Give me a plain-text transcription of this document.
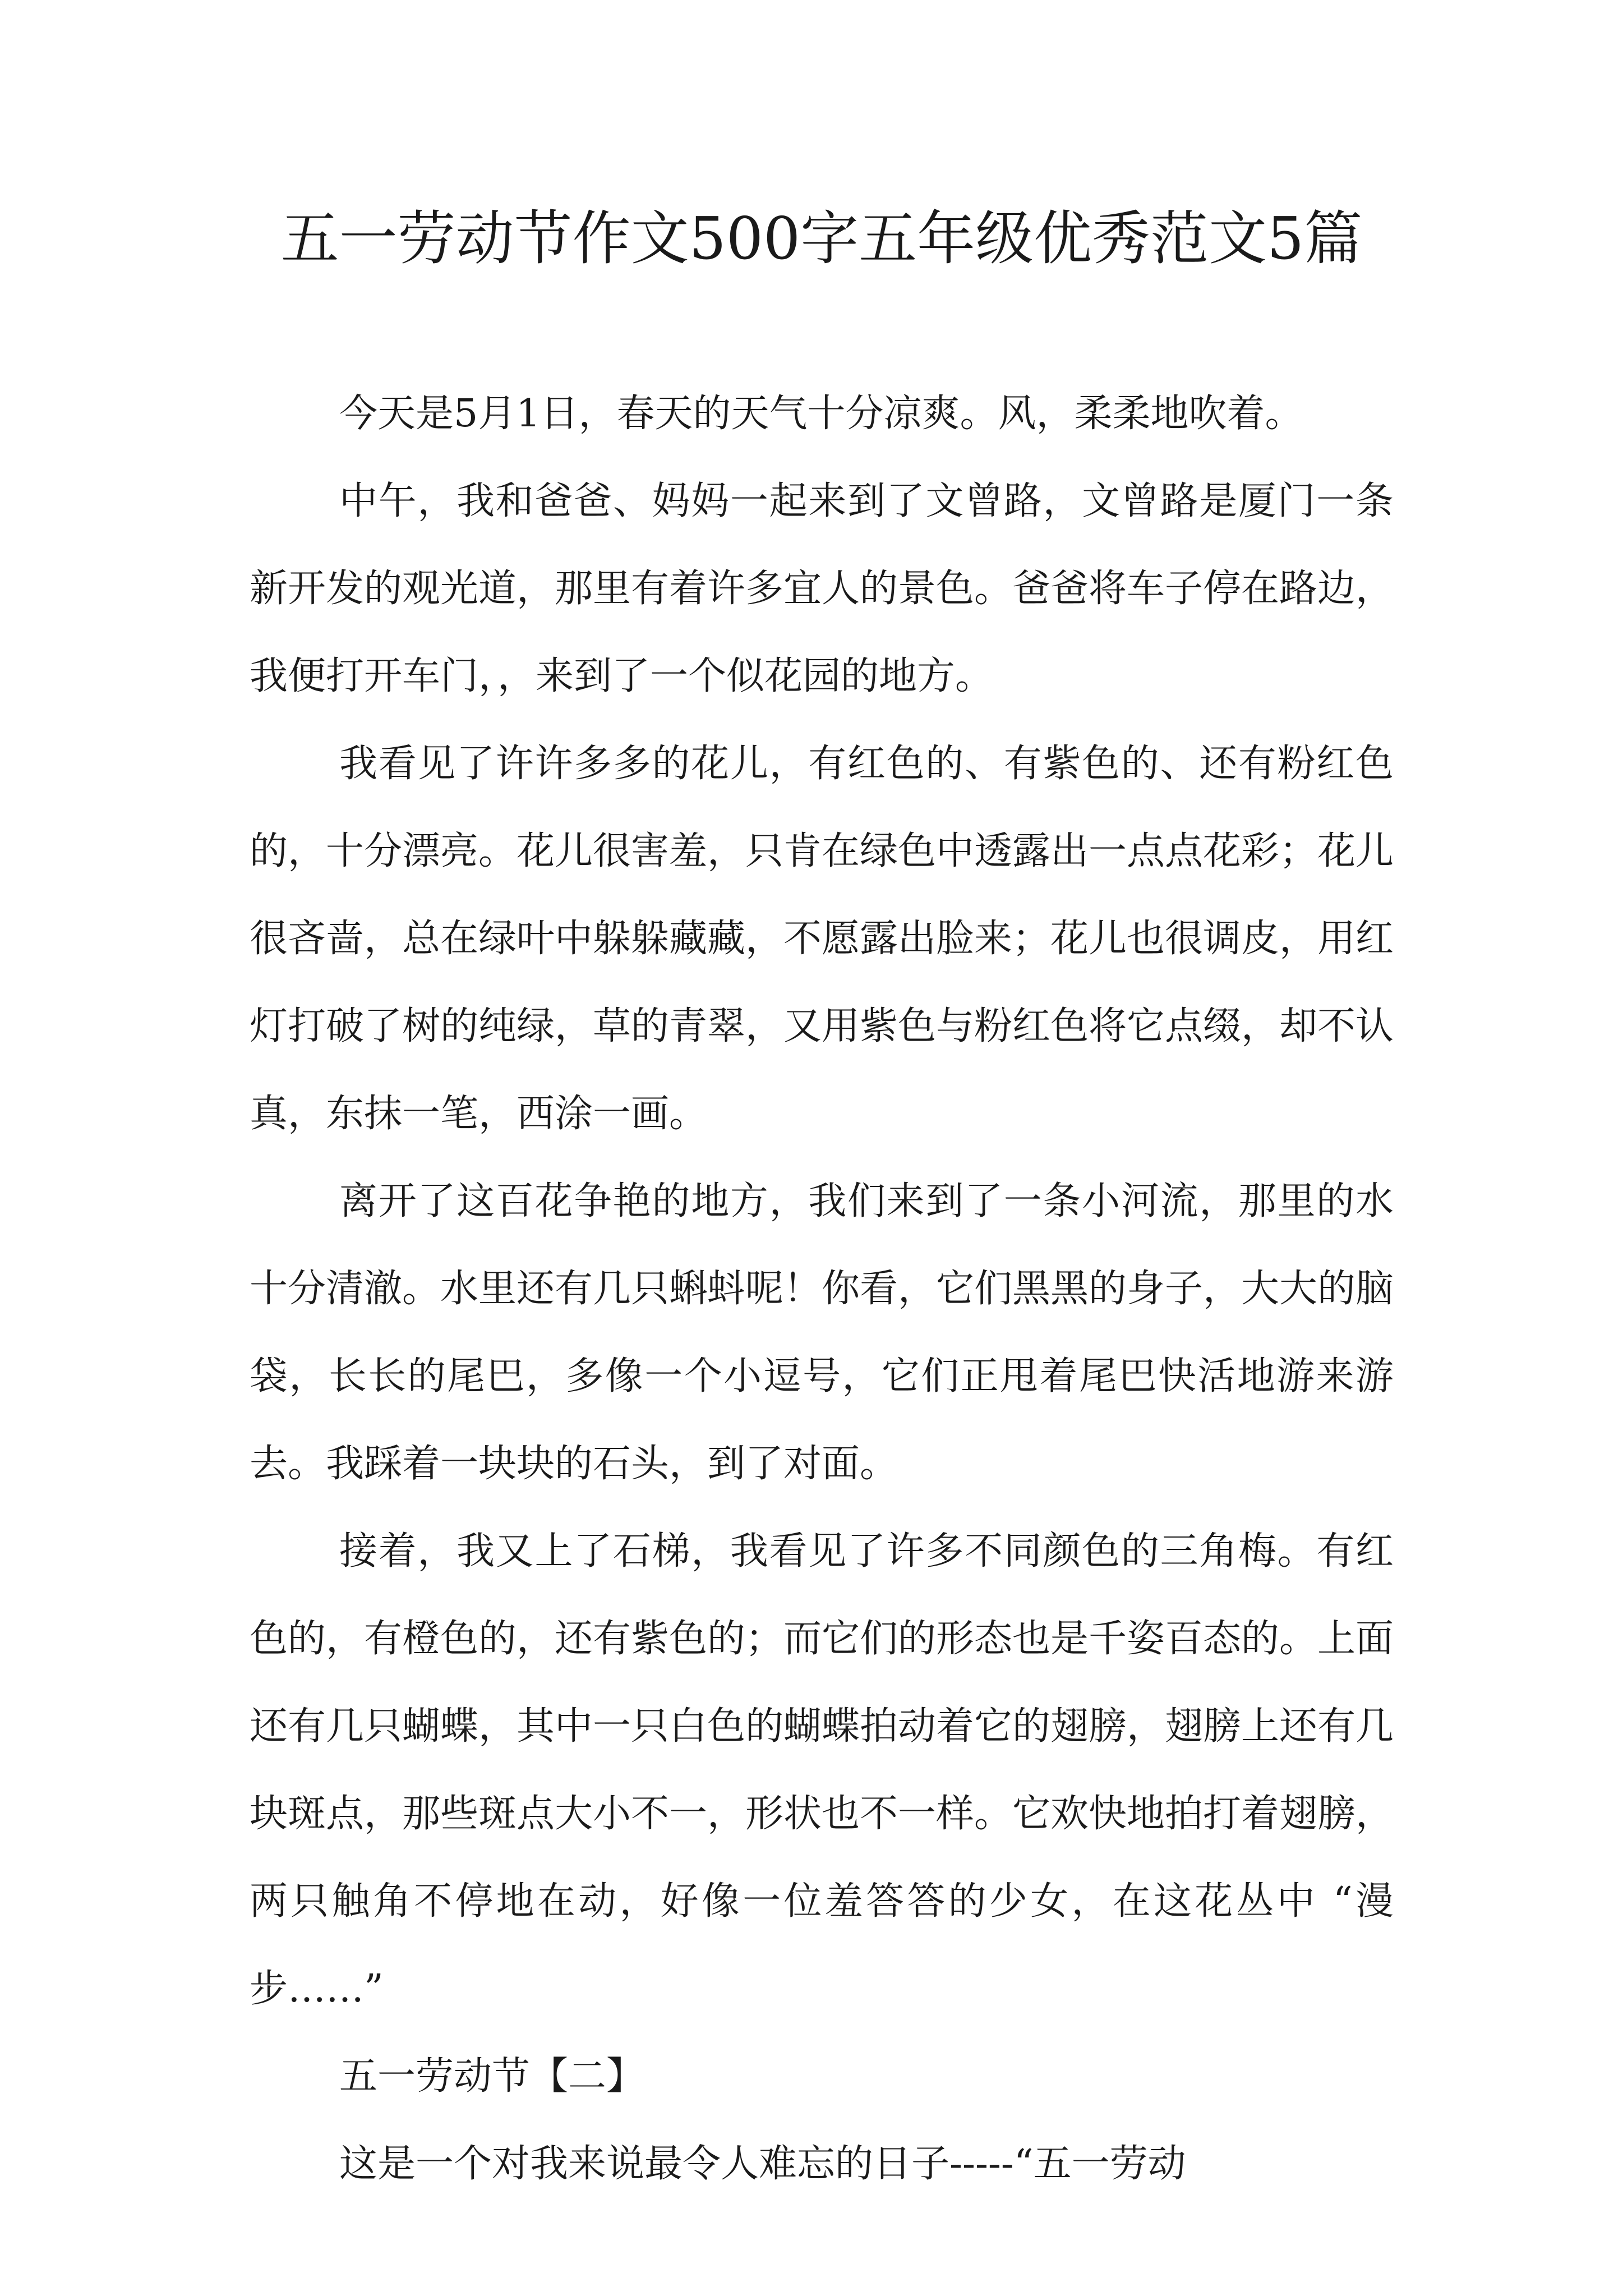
五一劳动节作文500字五年级优秀范文5篇

今天是5月1日，春天的天气十分凉爽。风，柔柔地吹着。

中午，我和爸爸、妈妈一起来到了文曾路，文曾路是厦门一条新开发的观光道，那里有着许多宜人的景色。爸爸将车子停在路边，我便打开车门，，来到了一个似花园的地方。

我看见了许许多多的花儿，有红色的、有紫色的、还有粉红色的，十分漂亮。花儿很害羞，只肯在绿色中透露出一点点花彩；花儿很吝啬，总在绿叶中躲躲藏藏，不愿露出脸来；花儿也很调皮，用红灯打破了树的纯绿，草的青翠，又用紫色与粉红色将它点缀，却不认真，东抹一笔，西涂一画。

离开了这百花争艳的地方，我们来到了一条小河流，那里的水十分清澈。水里还有几只蝌蚪呢！你看，它们黑黑的身子，大大的脑袋，长长的尾巴，多像一个小逗号，它们正甩着尾巴快活地游来游去。我踩着一块块的石头，到了对面。

接着，我又上了石梯，我看见了许多不同颜色的三角梅。有红色的，有橙色的，还有紫色的；而它们的形态也是千姿百态的。上面还有几只蝴蝶，其中一只白色的蝴蝶拍动着它的翅膀，翅膀上还有几块斑点，那些斑点大小不一，形状也不一样。它欢快地拍打着翅膀，两只触角不停地在动，好像一位羞答答的少女，在这花丛中 “漫步……”

五一劳动节【二】

这是一个对我来说最令人难忘的日子-----“五一劳动
